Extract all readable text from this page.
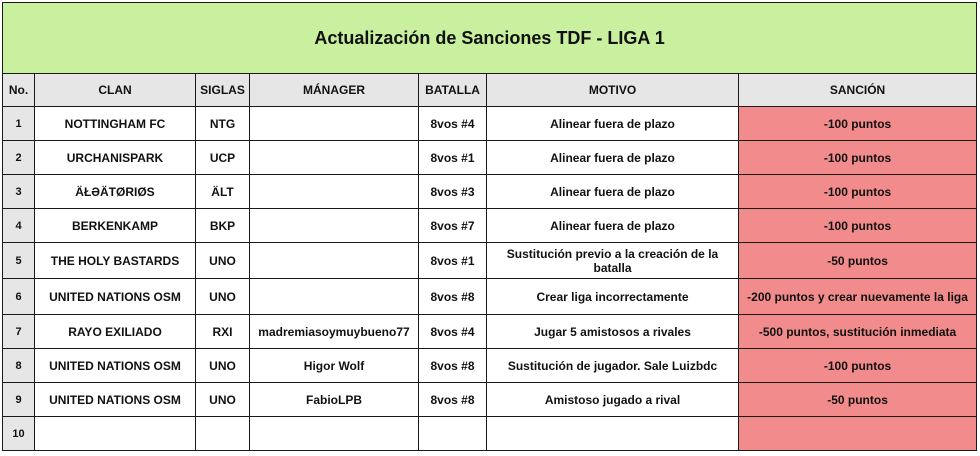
Actualización de Sanciones TDF - LIGA 1						
No.	CLAN	SIGLAS	MÁNAGER	BATALLA	MOTIVO	SANCIÓN
1	NOTTINGHAM FC	NTG		8vos #4	Alinear fuera de plazo	-100 puntos
2	URCHANISPARK	UCP		8vos #1	Alinear fuera de plazo	-100 puntos
3	ÄŁƏÄTØRIØS	ÄLT		8vos #3	Alinear fuera de plazo	-100 puntos
4	BERKENKAMP	BKP		8vos #7	Alinear fuera de plazo	-100 puntos
5	THE HOLY BASTARDS	UNO		8vos #1	Sustitución previo a la creación de la batalla	-50 puntos
6	UNITED NATIONS OSM	UNO		8vos #8	Crear liga incorrectamente	-200 puntos y crear nuevamente la liga
7	RAYO EXILIADO	RXI	madremiasoymuybueno77	8vos #4	Jugar 5 amistosos a rivales	-500 puntos, sustitución inmediata
8	UNITED NATIONS OSM	UNO	Higor Wolf	8vos #8	Sustitución de jugador. Sale Luizbdc	-100 puntos
9	UNITED NATIONS OSM	UNO	FabioLPB	8vos #8	Amistoso jugado a rival	-50 puntos
10						
